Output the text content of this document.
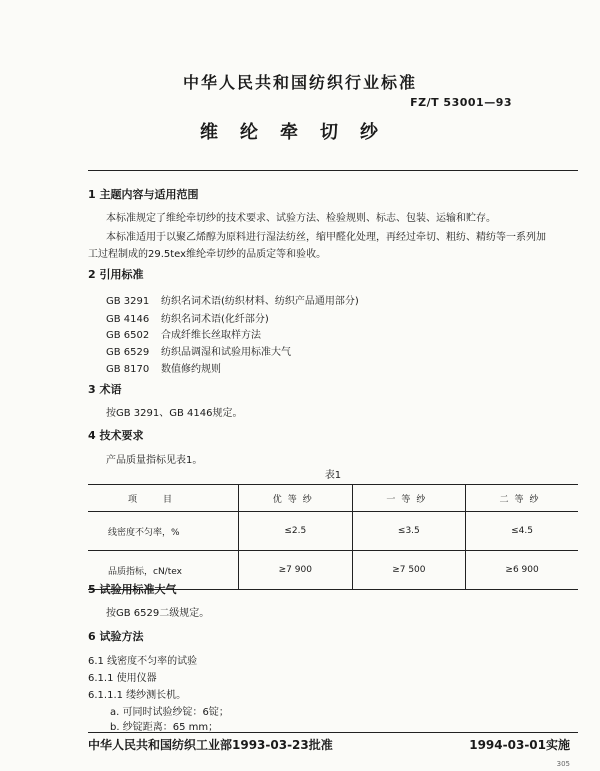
中华人民共和国纺织行业标准
FZ/T 53001—93
维纶牵切纱
1 主题内容与适用范围
本标准规定了维纶牵切纱的技术要求、试验方法、检验规则、标志、包装、运输和贮存。
本标准适用于以聚乙烯醇为原料进行湿法纺丝，缩甲醛化处理，再经过牵切、粗纺、精纺等一系列加
工过程制成的29.5tex维纶牵切纱的品质定等和验收。
2 引用标准
GB 3291 纺织名词术语(纺织材料、纺织产品通用部分)
GB 4146 纺织名词术语(化纤部分)
GB 6502 合成纤维长丝取样方法
GB 6529 纺织品调湿和试验用标准大气
GB 8170 数值修约规则
3 术语
按GB 3291、GB 4146规定。
4 技术要求
产品质量指标见表1。
表1
项目	优等纱	一等纱	二等纱
线密度不匀率，%	≤2.5	≤3.5	≤4.5
品质指标，cN/tex	≥7 900	≥7 500	≥6 900
5 试验用标准大气
按GB 6529二级规定。
6 试验方法
6.1 线密度不匀率的试验
6.1.1 使用仪器
6.1.1.1 缕纱测长机。
a. 可同时试验纱锭：6锭；
b. 纱锭距离：65 mm；
中华人民共和国纺织工业部1993-03-23批准	1994-03-01实施
305
